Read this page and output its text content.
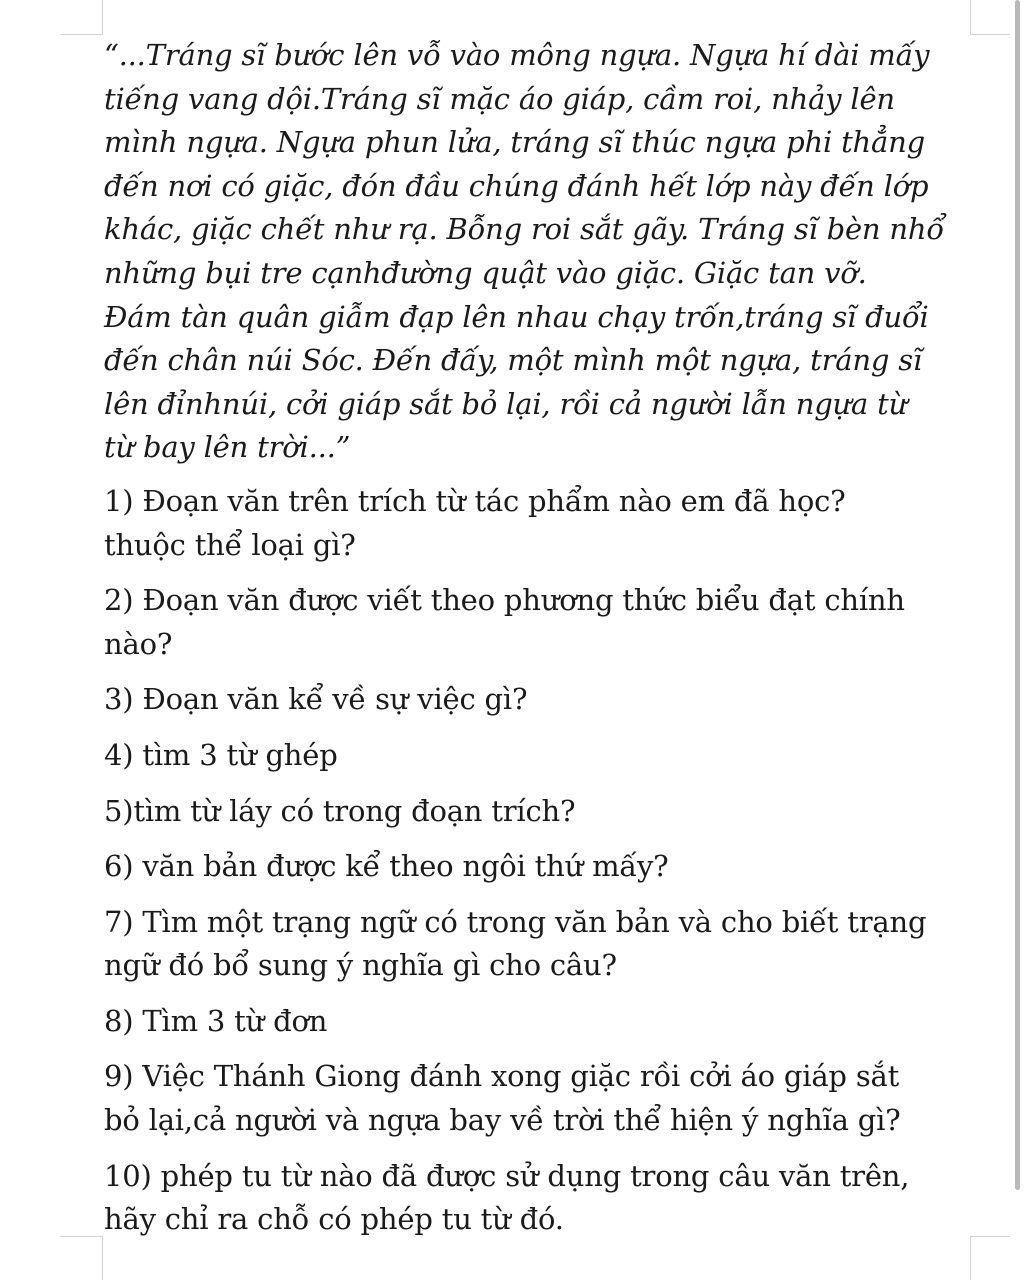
“...Tráng sĩ bước lên vỗ vào mông ngựa. Ngựa hí dài mấy
tiếng vang dội.Tráng sĩ mặc áo giáp, cầm roi, nhảy lên
mình ngựa. Ngựa phun lửa, tráng sĩ thúc ngựa phi thẳng
đến nơi có giặc, đón đầu chúng đánh hết lớp này đến lớp
khác, giặc chết như rạ. Bỗng roi sắt gãy. Tráng sĩ bèn nhổ
những bụi tre cạnhđường quật vào giặc. Giặc tan vỡ.
Đám tàn quân giẫm đạp lên nhau chạy trốn,tráng sĩ đuổi
đến chân núi Sóc. Đến đấy, một mình một ngựa, tráng sĩ
lên đỉnhnúi, cởi giáp sắt bỏ lại, rồi cả người lẫn ngựa từ
từ bay lên trời...”

1) Đoạn văn trên trích từ tác phẩm nào em đã học?
thuộc thể loại gì?

2) Đoạn văn được viết theo phương thức biểu đạt chính
nào?

3) Đoạn văn kể về sự việc gì?

4) tìm 3 từ ghép

5)tìm từ láy có trong đoạn trích?

6) văn bản được kể theo ngôi thứ mấy?

7) Tìm một trạng ngữ có trong văn bản và cho biết trạng
ngữ đó bổ sung ý nghĩa gì cho câu?

8) Tìm 3 từ đơn

9) Việc Thánh Giong đánh xong giặc rồi cởi áo giáp sắt
bỏ lại,cả người và ngựa bay về trời thể hiện ý nghĩa gì?

10) phép tu từ nào đã được sử dụng trong câu văn trên,
hãy chỉ ra chỗ có phép tu từ đó.
